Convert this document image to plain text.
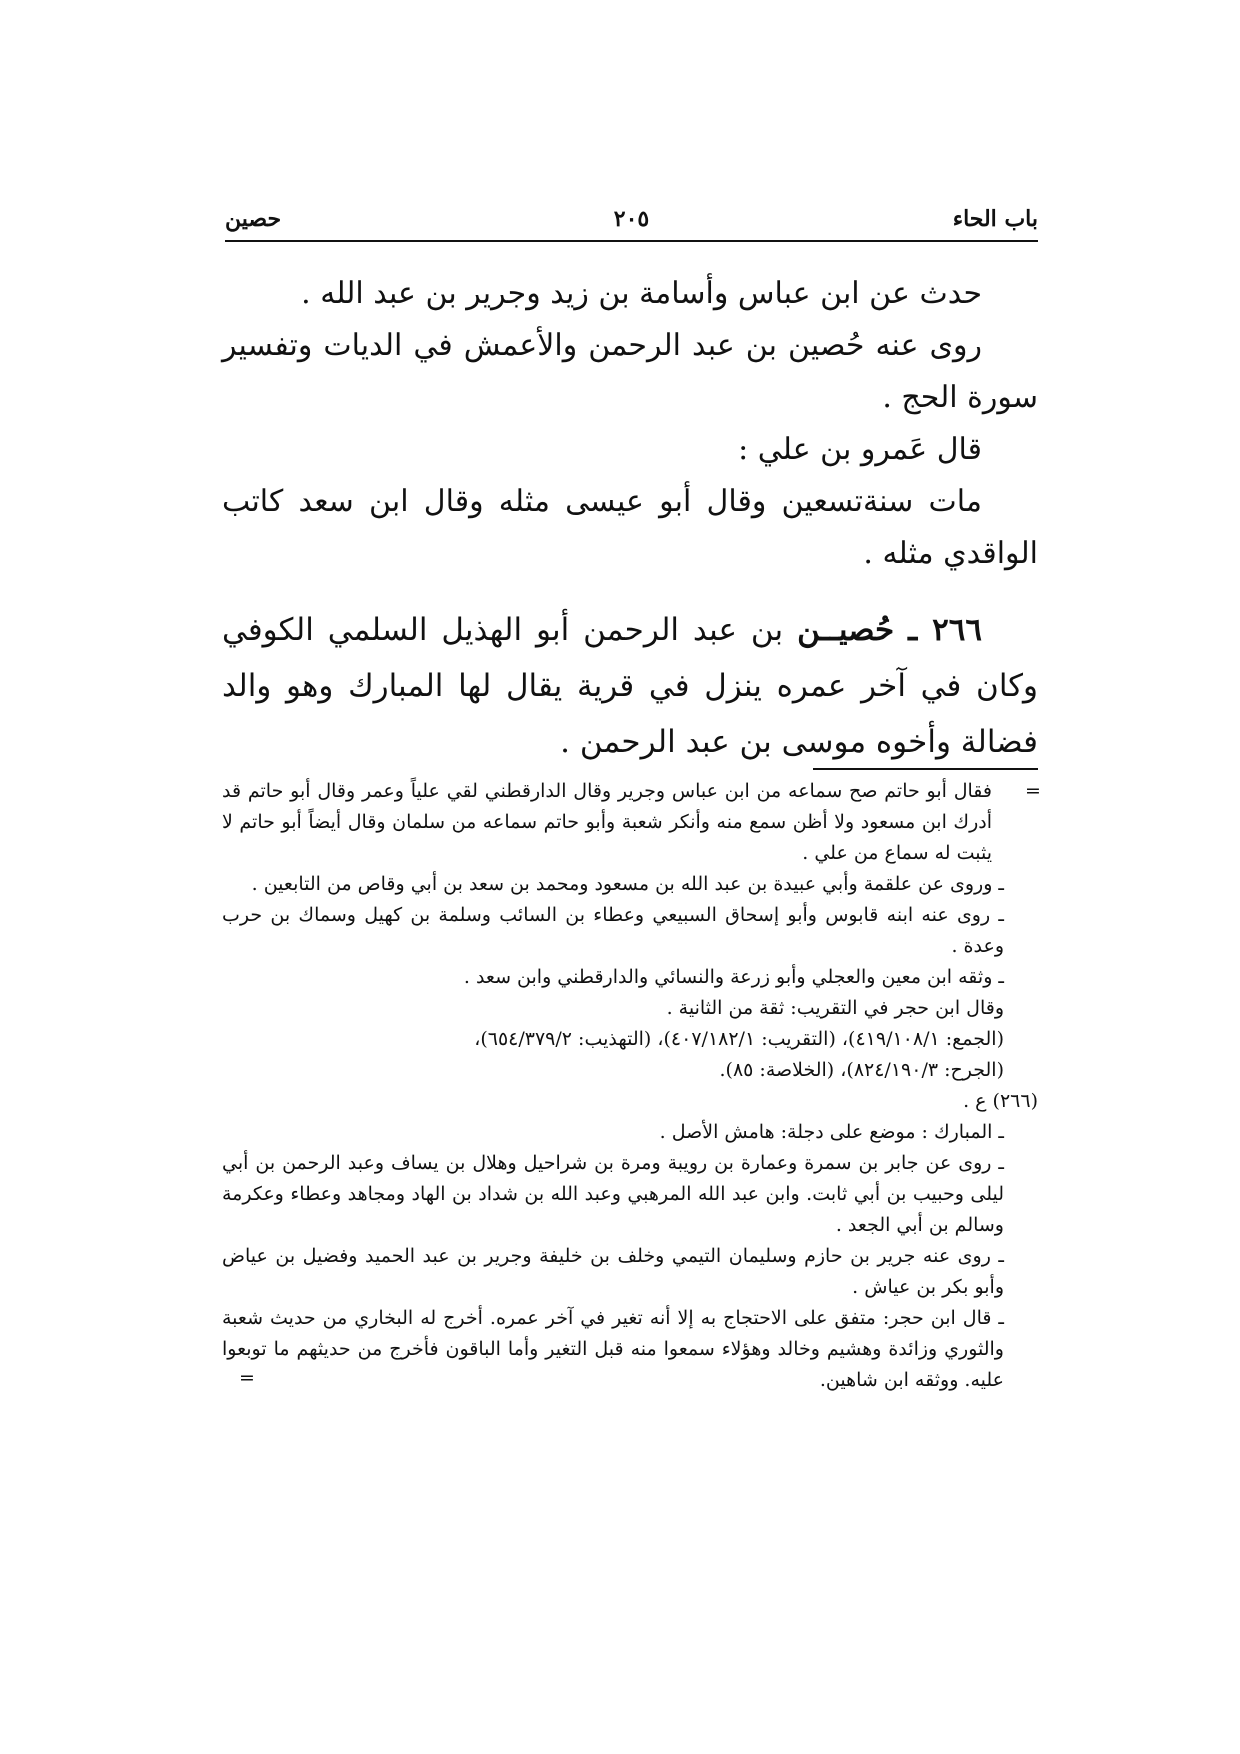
باب الحاء
٢٠٥
حصين

حدث عن ابن عباس وأسامة بن زيد وجرير بن عبد الله .

روى عنه حُصين بن عبد الرحمن والأعمش في الديات وتفسير سورة الحج .

قال عَمرو بن علي :

مات سنةتسعين وقال أبو عيسى مثله وقال ابن سعد كاتب الواقدي مثله .

٢٦٦ ـ حُصيــن بن عبد الرحمن أبو الهذيل السلمي الكوفي وكان في آخر عمره ينزل في قرية يقال لها المبارك وهو والد فضالة وأخوه موسى بن عبد الرحمن .

=

فقال أبو حاتم صح سماعه من ابن عباس وجرير وقال الدارقطني لقي علياً وعمر وقال أبو حاتم قد أدرك ابن مسعود ولا أظن سمع منه وأنكر شعبة وأبو حاتم سماعه من سلمان وقال أيضاً أبو حاتم لا يثبت له سماع من علي .

ـ وروى عن علقمة وأبي عبيدة بن عبد الله بن مسعود ومحمد بن سعد بن أبي وقاص من التابعين .

ـ روى عنه ابنه قابوس وأبو إسحاق السبيعي وعطاء بن السائب وسلمة بن كهيل وسماك بن حرب وعدة .

ـ وثقه ابن معين والعجلي وأبو زرعة والنسائي والدارقطني وابن سعد .

وقال ابن حجر في التقريب: ثقة من الثانية .

(الجمع: ٤١٩/١٠٨/١)، (التقريب: ٤٠٧/١٨٢/١)، (التهذيب: ٦٥٤/٣٧٩/٢)،

(الجرح: ٨٢٤/١٩٠/٣)، (الخلاصة: ٨٥).

(٢٦٦) ع .

ـ المبارك : موضع على دجلة: هامش الأصل .

ـ روى عن جابر بن سمرة وعمارة بن رويبة ومرة بن شراحيل وهلال بن يساف وعبد الرحمن بن أبي ليلى وحبيب بن أبي ثابت. وابن عبد الله المرهبي وعبد الله بن شداد بن الهاد ومجاهد وعطاء وعكرمة وسالم بن أبي الجعد .

ـ روى عنه جرير بن حازم وسليمان التيمي وخلف بن خليفة وجرير بن عبد الحميد وفضيل بن عياض وأبو بكر بن عياش .

ـ قال ابن حجر: متفق على الاحتجاج به إلا أنه تغير في آخر عمره. أخرج له البخاري من حديث شعبة والثوري وزائدة وهشيم وخالد وهؤلاء سمعوا منه قبل التغير وأما الباقون فأخرج من حديثهم ما توبعوا عليه. ووثقه ابن شاهين.

=
